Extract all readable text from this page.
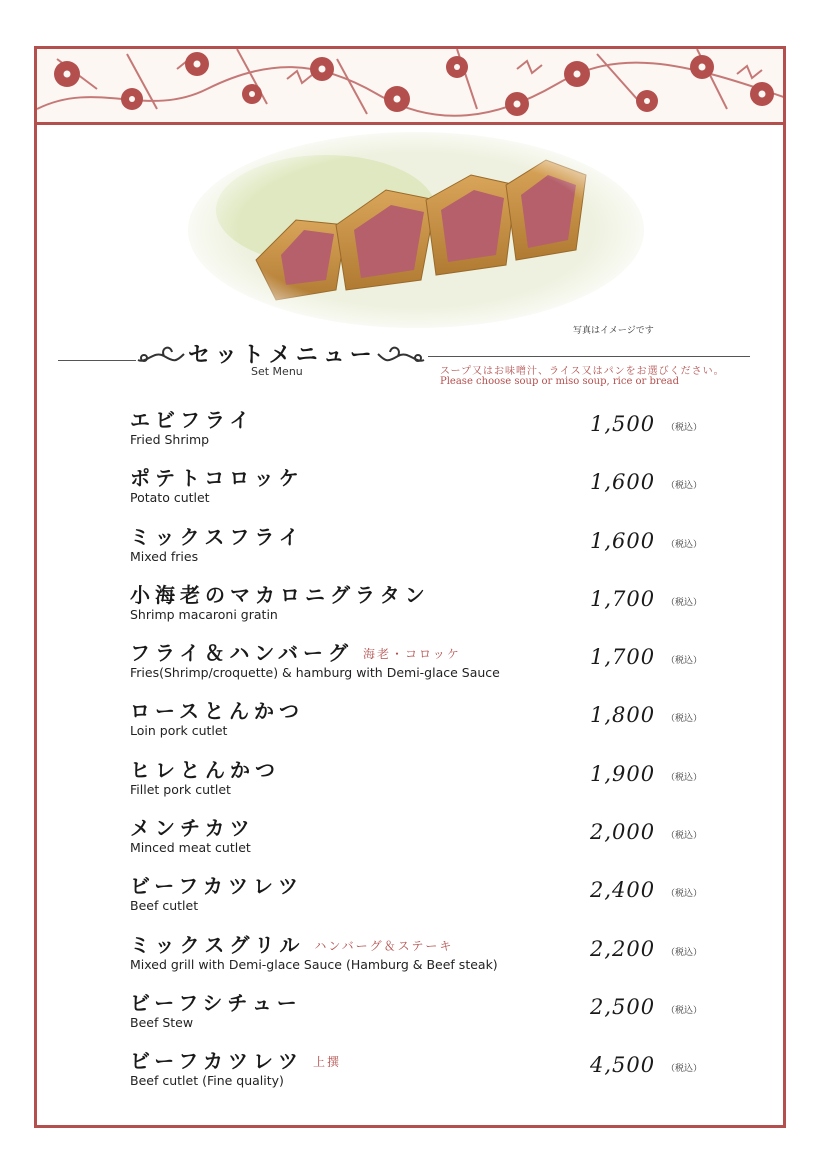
写真はイメージです
セットメニュー
Set Menu	スープ又はお味噌汁、ライス又はパンをお選びください。
Please choose soup or miso soup, rice or bread
エビフライ
Fried Shrimp
1,500 （税込）
ポテトコロッケ
Potato cutlet
1,600 （税込）
ミックスフライ
Mixed fries
1,600 （税込）
小海老のマカロニグラタン
Shrimp macaroni gratin
1,700 （税込）
フライ＆ハンバーグ 海老・コロッケ
Fries(Shrimp/croquette) & hamburg with Demi-glace Sauce
1,700 （税込）
ロースとんかつ
Loin pork cutlet
1,800 （税込）
ヒレとんかつ
Fillet pork cutlet
1,900 （税込）
メンチカツ
Minced meat cutlet
2,000 （税込）
ビーフカツレツ
Beef cutlet
2,400 （税込）
ミックスグリル ハンバーグ＆ステーキ
Mixed grill with Demi-glace Sauce (Hamburg & Beef steak)
2,200 （税込）
ビーフシチュー
Beef Stew
2,500 （税込）
ビーフカツレツ 上撰
Beef cutlet (Fine quality)
4,500 （税込）
